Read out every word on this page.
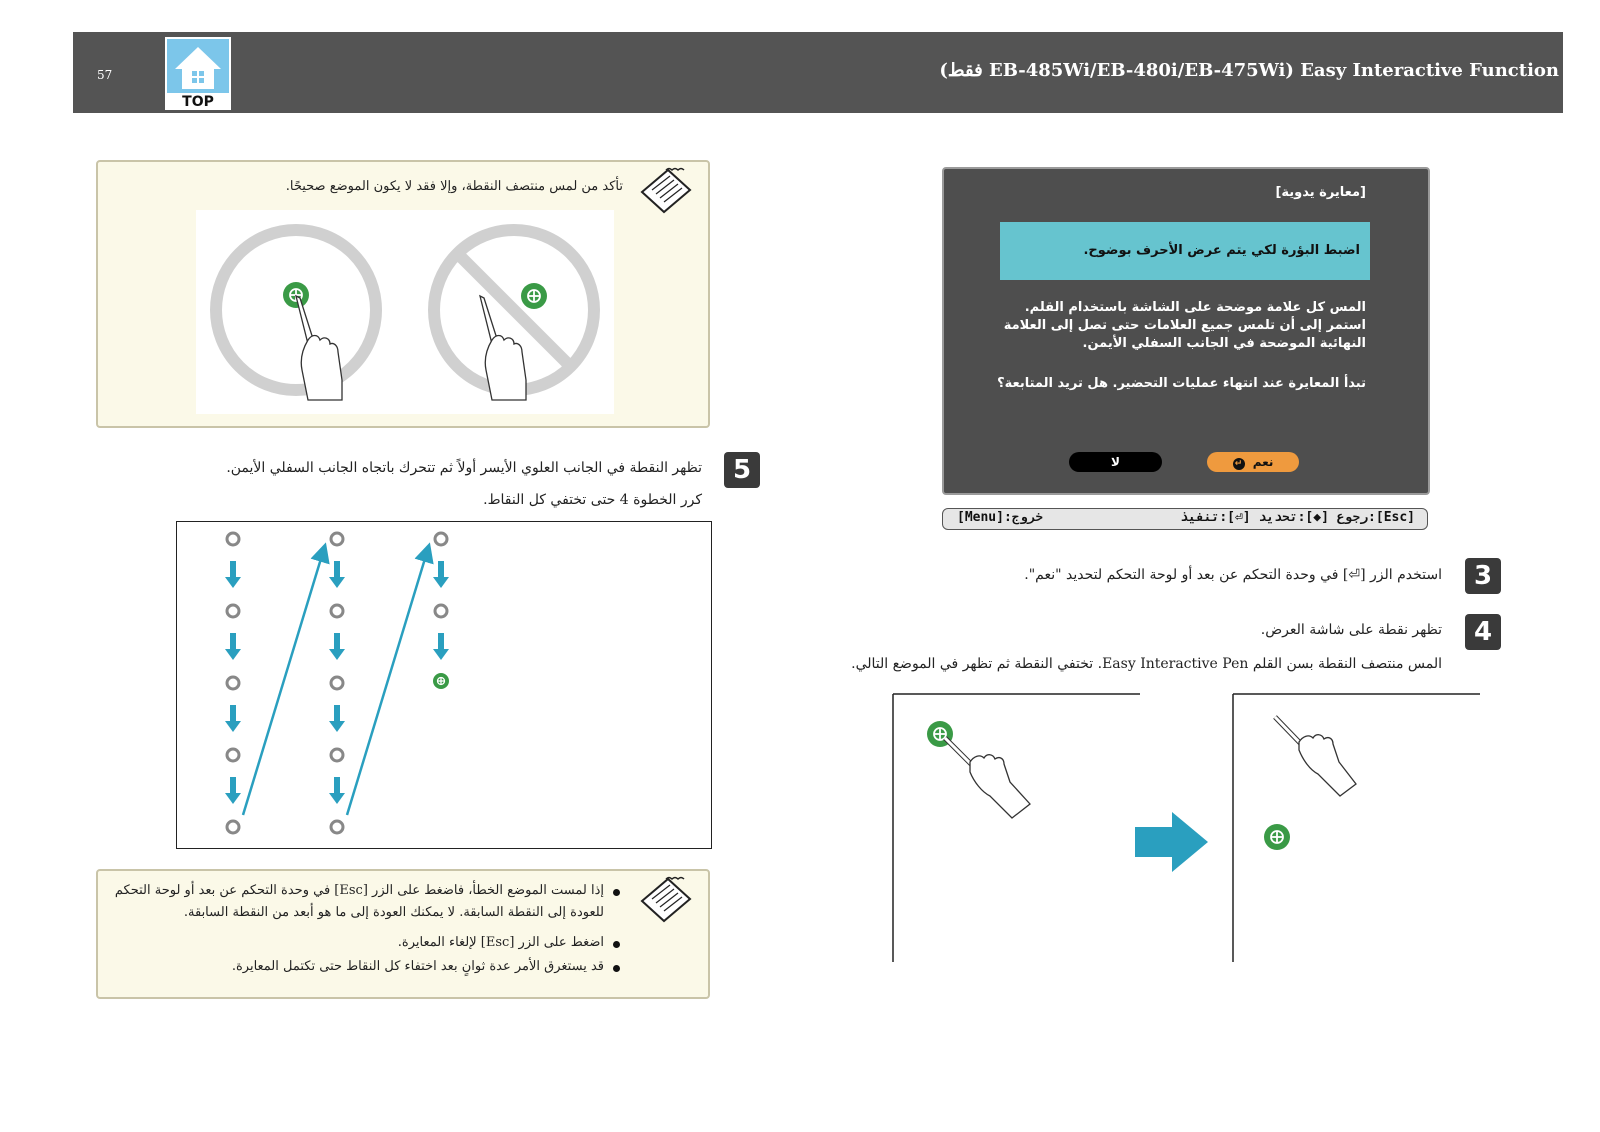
57
TOP
Easy Interactive Function (EB-485Wi/EB-480i/EB-475Wi فقط)
[معايرة يدوية]
اضبط البؤرة لكي يتم عرض الأحرف بوضوح.
المس كل علامة موضحة على الشاشة باستخدام القلم.
استمر إلى أن تلمس جميع العلامات حتى تصل إلى العلامة
النهائية الموضحة في الجانب السفلي الأيمن.
تبدأ المعايرة عند انتهاء عمليات التحضير. هل تريد المتابعة؟
لا	نعم ↵
[Menu]:خروج	[Esc]:رجوع [◆]:تحديد [⏎]:تنفيذ
3
استخدم الزر [⏎] في وحدة التحكم عن بعد أو لوحة التحكم لتحديد "نعم".
4
تظهر نقطة على شاشة العرض.
المس منتصف النقطة بسن القلم Easy Interactive Pen. تختفي النقطة ثم تظهر في الموضع التالي.
تأكد من لمس منتصف النقطة، وإلا فقد لا يكون الموضع صحيحًا.
5
تظهر النقطة في الجانب العلوي الأيسر أولاً ثم تتحرك باتجاه الجانب السفلي الأيمن.
كرر الخطوة 4 حتى تختفي كل النقاط.
إذا لمست الموضع الخطأ، فاضغط على الزر [Esc] في وحدة التحكم عن بعد أو لوحة التحكم
للعودة إلى النقطة السابقة. لا يمكنك العودة إلى ما هو أبعد من النقطة السابقة.
اضغط على الزر [Esc] لإلغاء المعايرة.
قد يستغرق الأمر عدة ثوانٍ بعد اختفاء كل النقاط حتى تكتمل المعايرة.
